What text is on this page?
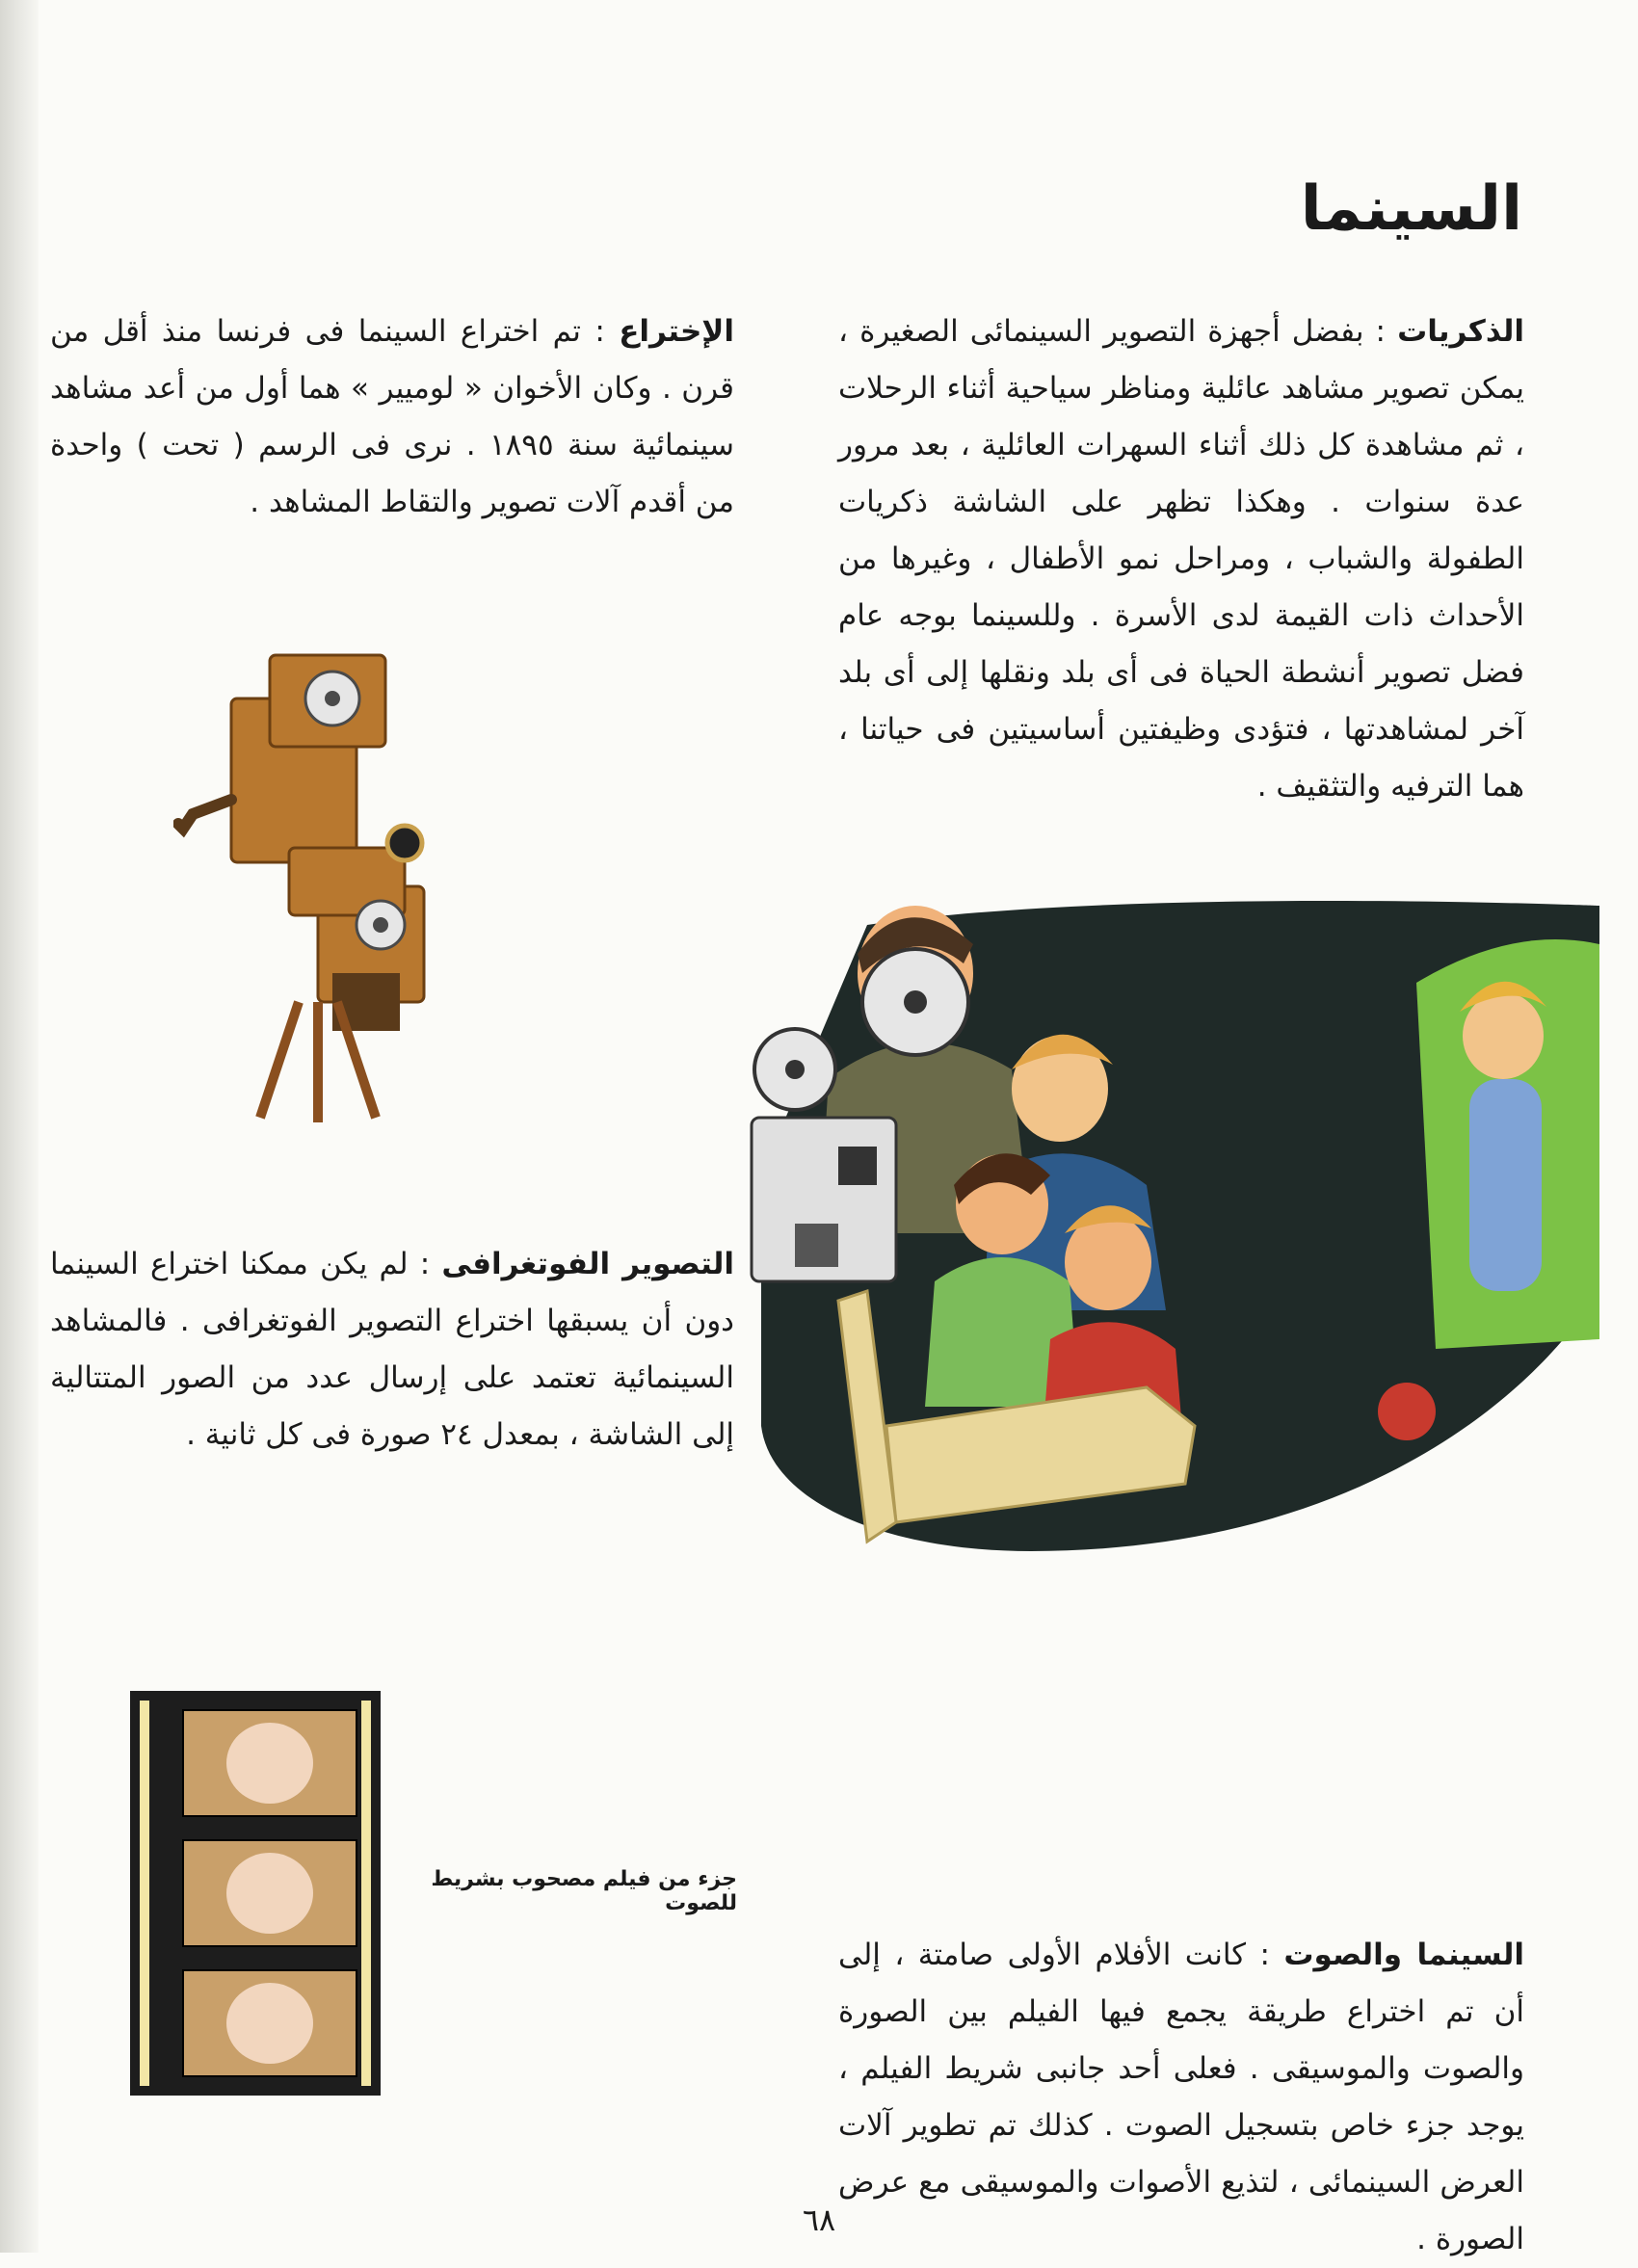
السينما
الذكريات : بفضل أجهزة التصوير السينمائى الصغيرة ، يمكن تصوير مشاهد عائلية ومناظر سياحية أثناء الرحلات ، ثم مشاهدة كل ذلك أثناء السهرات العائلية ، بعد مرور عدة سنوات . وهكذا تظهر على الشاشة ذكريات الطفولة والشباب ، ومراحل نمو الأطفال ، وغيرها من الأحداث ذات القيمة لدى الأسرة . وللسينما بوجه عام فضل تصوير أنشطة الحياة فى أى بلد ونقلها إلى أى بلد آخر لمشاهدتها ، فتؤدى وظيفتين أساسيتين فى حياتنا ، هما الترفيه والتثقيف .
الإختراع : تم اختراع السينما فى فرنسا منذ أقل من قرن . وكان الأخوان « لوميير » هما أول من أعد مشاهد سينمائية سنة ١٨٩٥ . نرى فى الرسم ( تحت ) واحدة من أقدم آلات تصوير والتقاط المشاهد .
التصوير الفوتغرافى : لم يكن ممكنا اختراع السينما دون أن يسبقها اختراع التصوير الفوتغرافى . فالمشاهد السينمائية تعتمد على إرسال عدد من الصور المتتالية إلى الشاشة ، بمعدل ٢٤ صورة فى كل ثانية .
جزء من فيلم مصحوب بشريط للصوت
السينما والصوت : كانت الأفلام الأولى صامتة ، إلى أن تم اختراع طريقة يجمع فيها الفيلم بين الصورة والصوت والموسيقى . فعلى أحد جانبى شريط الفيلم ، يوجد جزء خاص بتسجيل الصوت . كذلك تم تطوير آلات العرض السينمائى ، لتذيع الأصوات والموسيقى مع عرض الصورة .
٦٨
